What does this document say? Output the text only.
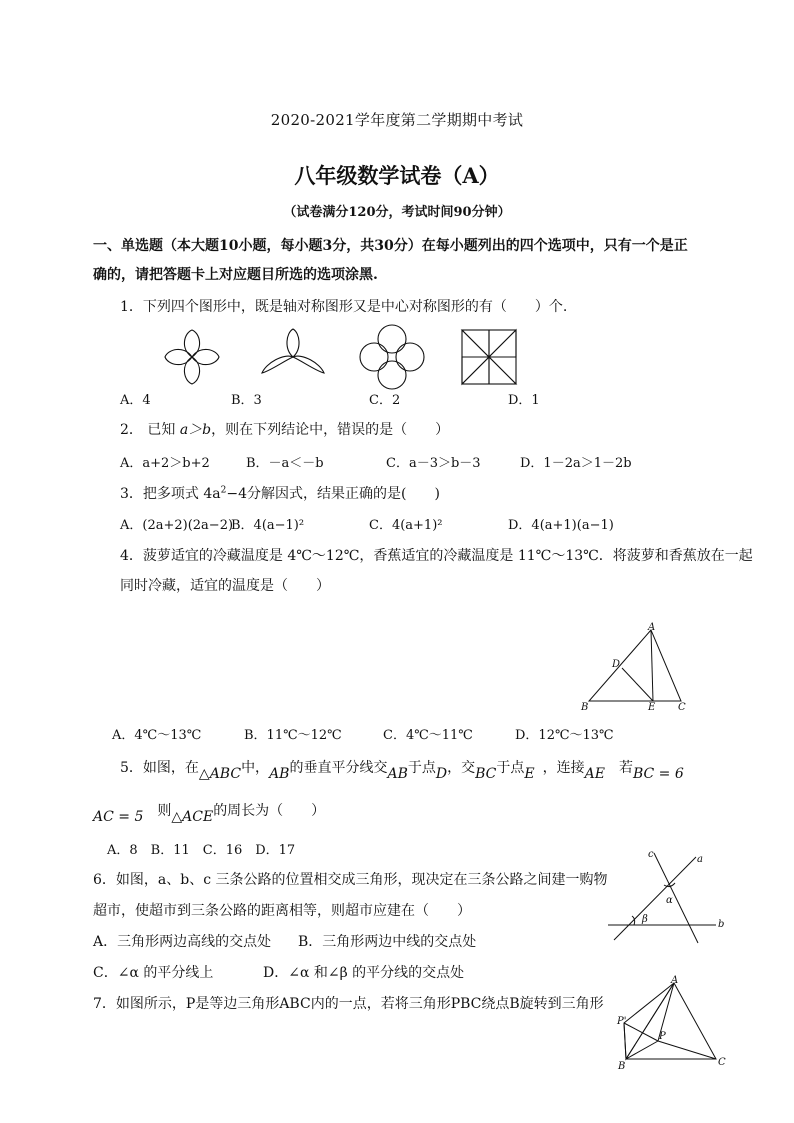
2020-2021学年度第二学期期中考试
八年级数学试卷（A）
（试卷满分120分，考试时间90分钟）
一、单选题（本大题10小题，每小题3分，共30分）在每小题列出的四个选项中，只有一个是正
确的，请把答题卡上对应题目所选的选项涂黑.
1．下列四个图形中，既是轴对称图形又是中心对称图形的有（　　）个.
A．4	B．3	C．2	D．1
2． 已知 a＞b，则在下列结论中，错误的是（　　）
A．a+2＞b+2	B．－a＜－b	C．a－3＞b－3	D．1－2a＞1－2b
3．把多项式 $4a^2-4$分解因式，结果正确的是(　　)
A．(2a+2)(2a−2)
B．4(a−1)²	C．4(a+1)²	D．4(a+1)(a−1)
4．菠萝适宜的冷藏温度是 4℃～12℃，香蕉适宜的冷藏温度是 11℃～13℃．将菠萝和香蕉放在一起
同时冷藏，适宜的温度是（　　）
A
D
B	E C
A．4℃～13℃	B．11℃～12℃	C．4℃～11℃	D．12℃～13℃
5．如图，在△ABC中，AB的垂直平分线交AB于点D，交BC于点E ，连接AE 若BC = 6
AC = 5 则△ACE的周长为（　　）
A．8　B．11　C．16　D．17
6．如图，a、b、c 三条公路的位置相交成三角形，现决定在三条公路之间建一购物
超市，使超市到三条公路的距离相等，则超市应建在（　　）
A．三角形两边高线的交点处 B．三角形两边中线的交点处
C．∠α 的平分线上	D．∠α 和∠β 的平分线的交点处
c	a
α
β	b
7．如图所示，P是等边三角形ABC内的一点，若将三角形PBC绕点B旋转到三角形
A
P'
P
B	C
